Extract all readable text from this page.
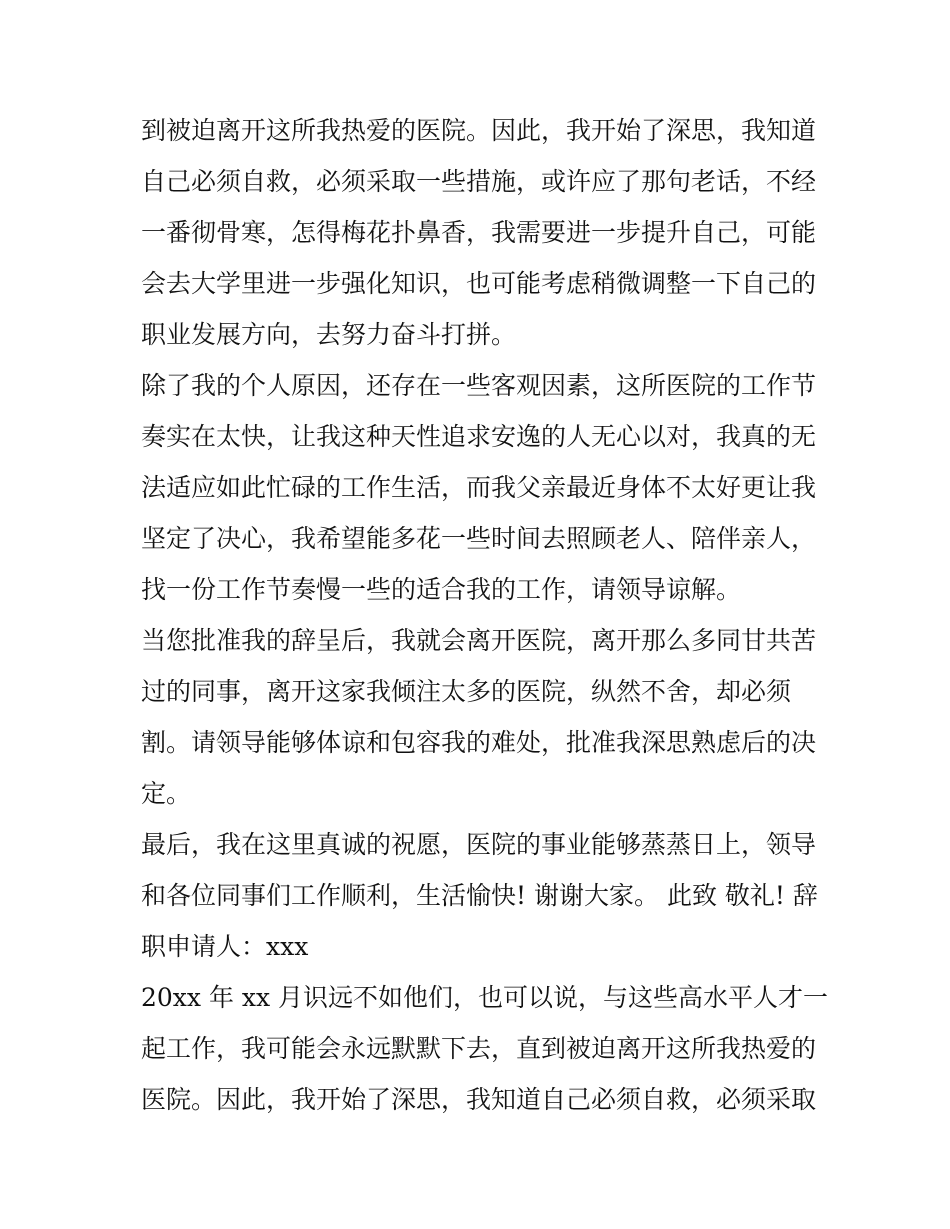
到被迫离开这所我热爱的医院。因此，我开始了深思，我知道
自己必须自救，必须采取一些措施，或许应了那句老话，不经
一番彻骨寒，怎得梅花扑鼻香，我需要进一步提升自己，可能
会去大学里进一步强化知识，也可能考虑稍微调整一下自己的
职业发展方向，去努力奋斗打拼。
除了我的个人原因，还存在一些客观因素，这所医院的工作节
奏实在太快，让我这种天性追求安逸的人无心以对，我真的无
法适应如此忙碌的工作生活，而我父亲最近身体不太好更让我
坚定了决心，我希望能多花一些时间去照顾老人、陪伴亲人，
找一份工作节奏慢一些的适合我的工作，请领导谅解。
当您批准我的辞呈后，我就会离开医院，离开那么多同甘共苦
过的同事，离开这家我倾注太多的医院，纵然不舍，却必须
割。请领导能够体谅和包容我的难处，批准我深思熟虑后的决
定。
最后，我在这里真诚的祝愿，医院的事业能够蒸蒸日上，领导
和各位同事们工作顺利，生活愉快! 谢谢大家。 此致 敬礼! 辞
职申请人：xxx
20xx 年 xx 月识远不如他们，也可以说，与这些高水平人才一
起工作，我可能会永远默默下去，直到被迫离开这所我热爱的
医院。因此，我开始了深思，我知道自己必须自救，必须采取
